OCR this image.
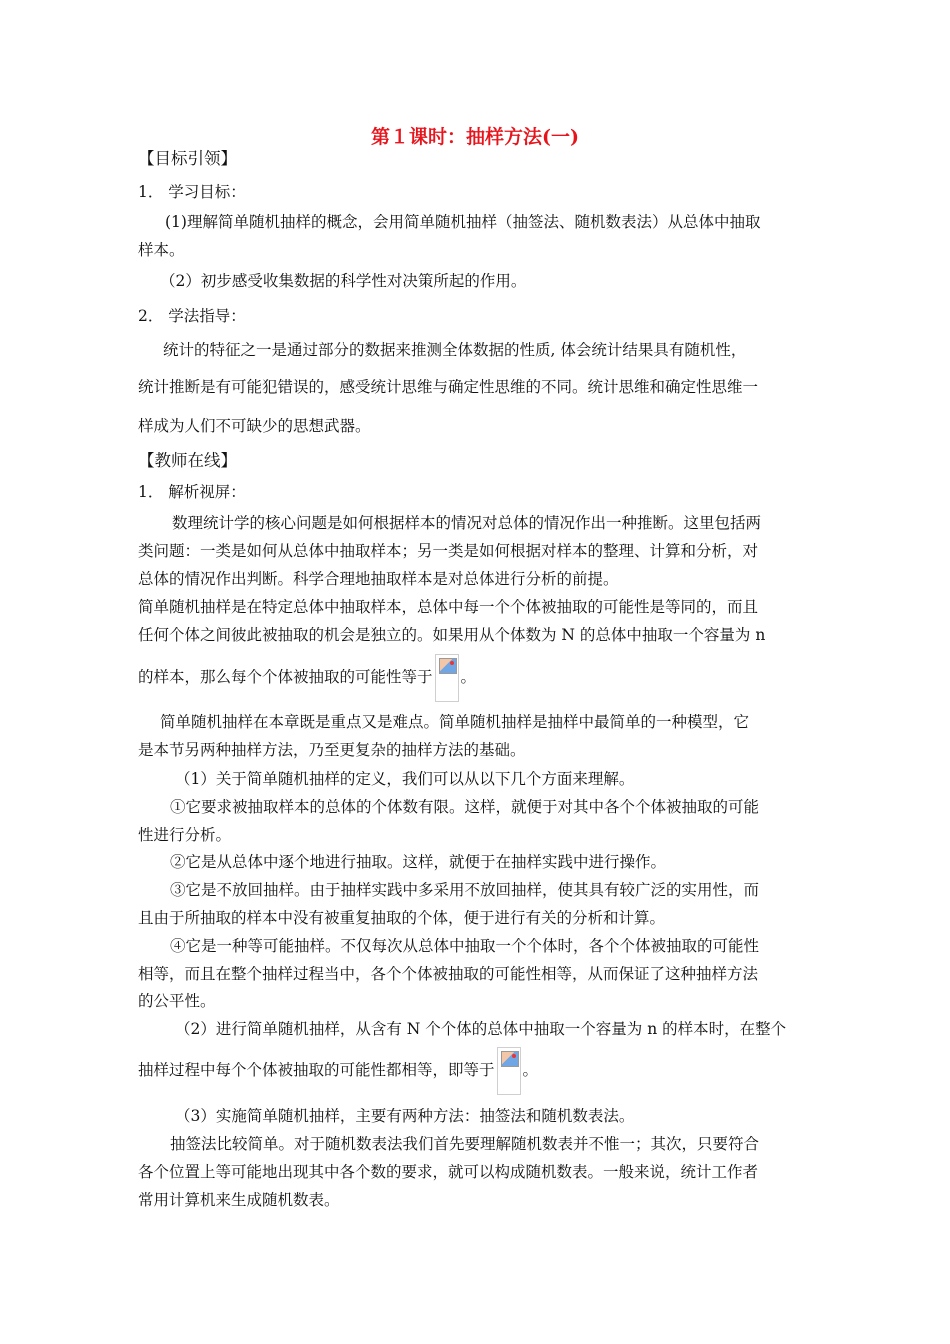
第１课时：抽样方法(一)
【目标引领】
1． 学习目标：
(1)理解简单随机抽样的概念，会用简单随机抽样（抽签法、随机数表法）从总体中抽取
样本。
（2）初步感受收集数据的科学性对决策所起的作用。
2． 学法指导：
统计的特征之一是通过部分的数据来推测全体数据的性质, 体会统计结果具有随机性，
统计推断是有可能犯错误的，感受统计思维与确定性思维的不同。统计思维和确定性思维一
样成为人们不可缺少的思想武器。
【教师在线】
1． 解析视屏：
数理统计学的核心问题是如何根据样本的情况对总体的情况作出一种推断。这里包括两
类问题：一类是如何从总体中抽取样本；另一类是如何根据对样本的整理、计算和分析，对
总体的情况作出判断。科学合理地抽取样本是对总体进行分析的前提。
简单随机抽样是在特定总体中抽取样本，总体中每一个个体被抽取的可能性是等同的，而且
任何个体之间彼此被抽取的机会是独立的。如果用从个体数为 N 的总体中抽取一个容量为 n
的样本，那么每个个体被抽取的可能性等于 。
简单随机抽样在本章既是重点又是难点。简单随机抽样是抽样中最简单的一种模型，它
是本节另两种抽样方法，乃至更复杂的抽样方法的基础。
（1）关于简单随机抽样的定义，我们可以从以下几个方面来理解。
①它要求被抽取样本的总体的个体数有限。这样，就便于对其中各个个体被抽取的可能
性进行分析。
②它是从总体中逐个地进行抽取。这样，就便于在抽样实践中进行操作。
③它是不放回抽样。由于抽样实践中多采用不放回抽样，使其具有较广泛的实用性，而
且由于所抽取的样本中没有被重复抽取的个体，便于进行有关的分析和计算。
④它是一种等可能抽样。不仅每次从总体中抽取一个个体时，各个个体被抽取的可能性
相等，而且在整个抽样过程当中，各个个体被抽取的可能性相等，从而保证了这种抽样方法
的公平性。
（2）进行简单随机抽样，从含有 N 个个体的总体中抽取一个容量为 n 的样本时，在整个
抽样过程中每个个体被抽取的可能性都相等，即等于 。
（3）实施简单随机抽样，主要有两种方法：抽签法和随机数表法。
抽签法比较简单。对于随机数表法我们首先要理解随机数表并不惟一；其次，只要符合
各个位置上等可能地出现其中各个数的要求，就可以构成随机数表。一般来说，统计工作者
常用计算机来生成随机数表。
